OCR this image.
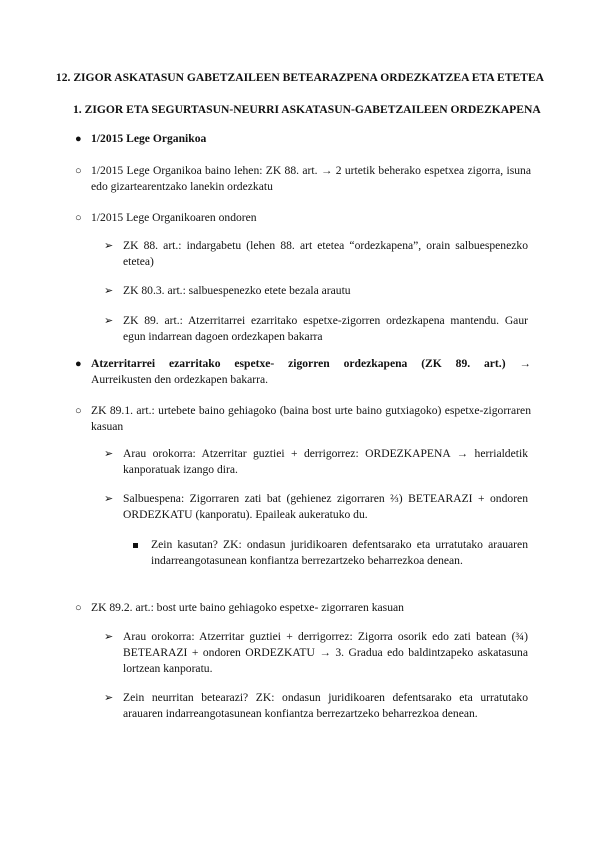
12. ZIGOR ASKATASUN GABETZAILEEN BETEARAZPENA ORDEZKATZEA ETA ETETEA
1. ZIGOR ETA SEGURTASUN-NEURRI ASKATASUN-GABETZAILEEN ORDEZKAPENA
● 1/2015 Lege Organikoa
○ 1/2015 Lege Organikoa baino lehen: ZK 88. art. → 2 urtetik beherako espetxea zigorra, isuna edo gizartearentzako lanekin ordezkatu
○ 1/2015 Lege Organikoaren ondoren
➢ ZK 88. art.: indargabetu (lehen 88. art etetea “ordezkapena”, orain salbuespenezko etetea)
➢ ZK 80.3. art.: salbuespenezko etete bezala arautu
➢ ZK 89. art.: Atzerritarrei ezarritako espetxe-zigorren ordezkapena mantendu. Gaur egun indarrean dagoen ordezkapen bakarra
● Atzerritarrei ezarritako espetxe- zigorren ordezkapena (ZK 89. art.) →
Aurreikusten den ordezkapen bakarra.
○ ZK 89.1. art.: urtebete baino gehiagoko (baina bost urte baino gutxiagoko) espetxe-zigorraren kasuan
➢ Arau orokorra: Atzerritar guztiei + derrigorrez: ORDEZKAPENA → herrialdetik kanporatuak izango dira.
➢ Salbuespena: Zigorraren zati bat (gehienez zigorraren ⅔) BETEARAZI + ondoren ORDEZKATU (kanporatu). Epaileak aukeratuko du.
Zein kasutan? ZK: ondasun juridikoaren defentsarako eta urratutako arauaren indarreangotasunean konfiantza berrezartzeko beharrezkoa denean.
○ ZK 89.2. art.: bost urte baino gehiagoko espetxe- zigorraren kasuan
➢ Arau orokorra: Atzerritar guztiei + derrigorrez: Zigorra osorik edo zati batean (¾) BETEARAZI + ondoren ORDEZKATU → 3. Gradua edo baldintzapeko askatasuna lortzean kanporatu.
➢ Zein neurritan betearazi? ZK: ondasun juridikoaren defentsarako eta urratutako arauaren indarreangotasunean konfiantza berrezartzeko beharrezkoa denean.
